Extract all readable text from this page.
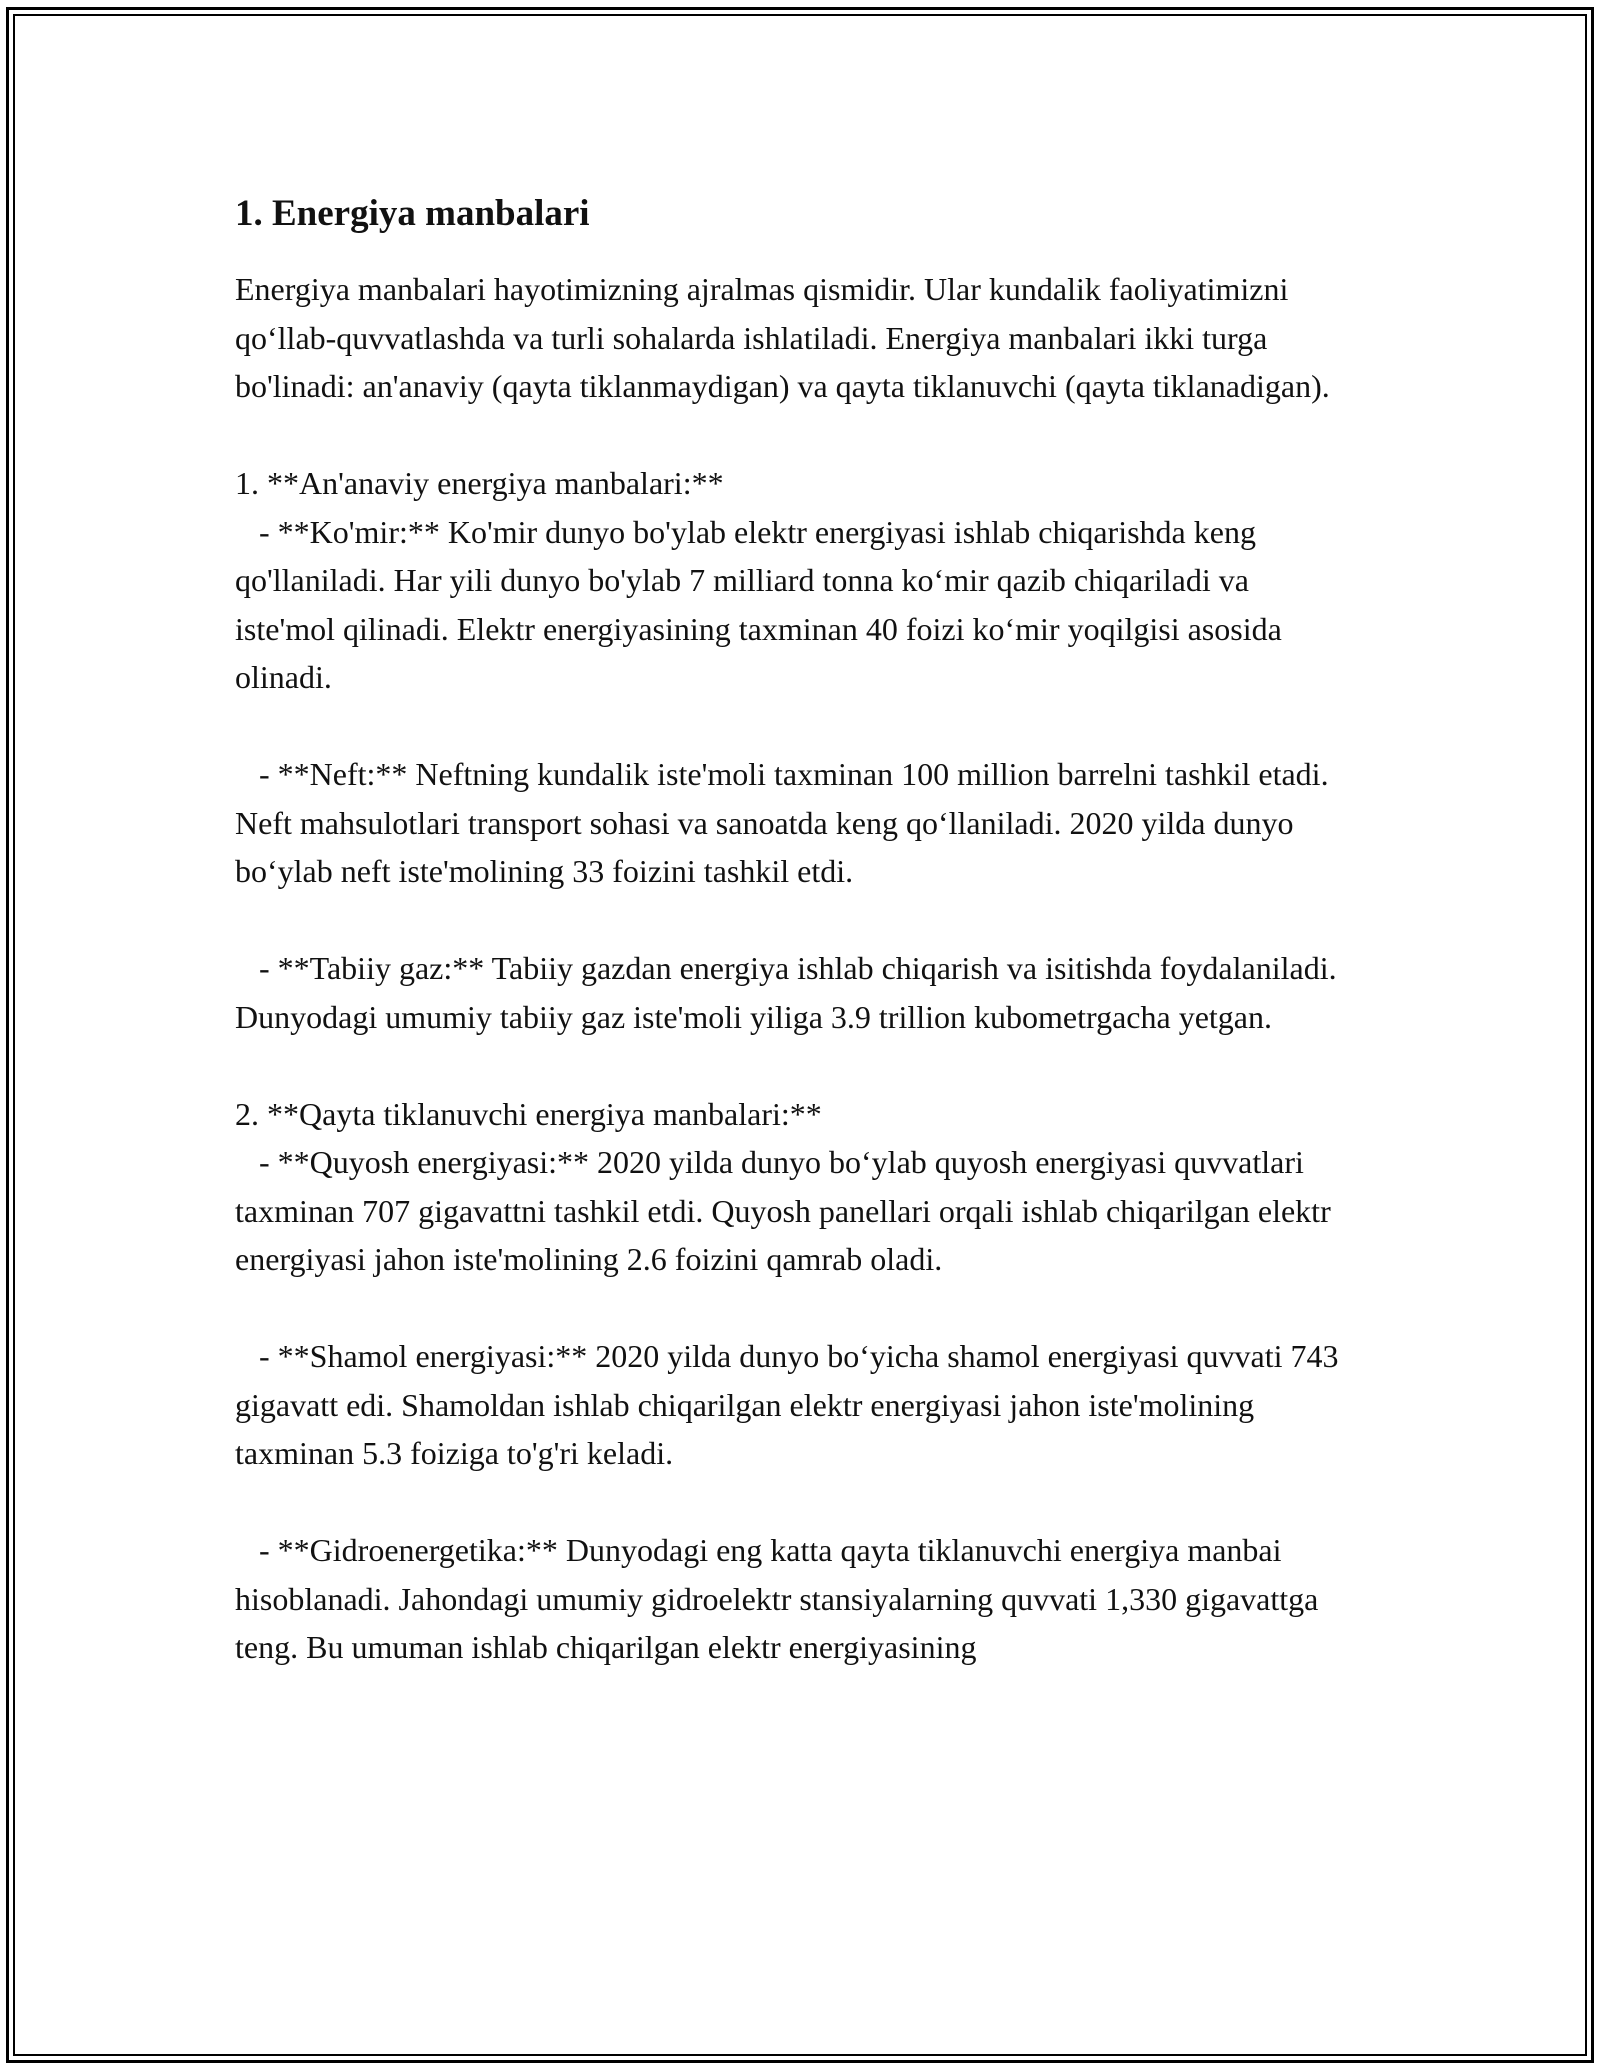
1. Energiya manbalari

Energiya manbalari hayotimizning ajralmas qismidir. Ular kundalik faoliyatimizni qo‘llab-quvvatlashda va turli sohalarda ishlatiladi. Energiya manbalari ikki turga bo'linadi: an'anaviy (qayta tiklanmaydigan) va qayta tiklanuvchi (qayta tiklanadigan).

1. **An'anaviy energiya manbalari:**

- **Ko'mir:** Ko'mir dunyo bo'ylab elektr energiyasi ishlab chiqarishda keng qo'llaniladi. Har yili dunyo bo'ylab 7 milliard tonna ko‘mir qazib chiqariladi va iste'mol qilinadi. Elektr energiyasining taxminan 40 foizi ko‘mir yoqilgisi asosida olinadi.

- **Neft:** Neftning kundalik iste'moli taxminan 100 million barrelni tashkil etadi. Neft mahsulotlari transport sohasi va sanoatda keng qo‘llaniladi. 2020 yilda dunyo bo‘ylab neft iste'molining 33 foizini tashkil etdi.

- **Tabiiy gaz:** Tabiiy gazdan energiya ishlab chiqarish va isitishda foydalaniladi. Dunyodagi umumiy tabiiy gaz iste'moli yiliga 3.9 trillion kubometrgacha yetgan.

2. **Qayta tiklanuvchi energiya manbalari:**

- **Quyosh energiyasi:** 2020 yilda dunyo bo‘ylab quyosh energiyasi quvvatlari taxminan 707 gigavattni tashkil etdi. Quyosh panellari orqali ishlab chiqarilgan elektr energiyasi jahon iste'molining 2.6 foizini qamrab oladi.

- **Shamol energiyasi:** 2020 yilda dunyo bo‘yicha shamol energiyasi quvvati 743 gigavatt edi. Shamoldan ishlab chiqarilgan elektr energiyasi jahon iste'molining taxminan 5.3 foiziga to'g'ri keladi.

- **Gidroenergetika:** Dunyodagi eng katta qayta tiklanuvchi energiya manbai hisoblanadi. Jahondagi umumiy gidroelektr stansiyalarning quvvati 1,330 gigavattga teng. Bu umuman ishlab chiqarilgan elektr energiyasining
